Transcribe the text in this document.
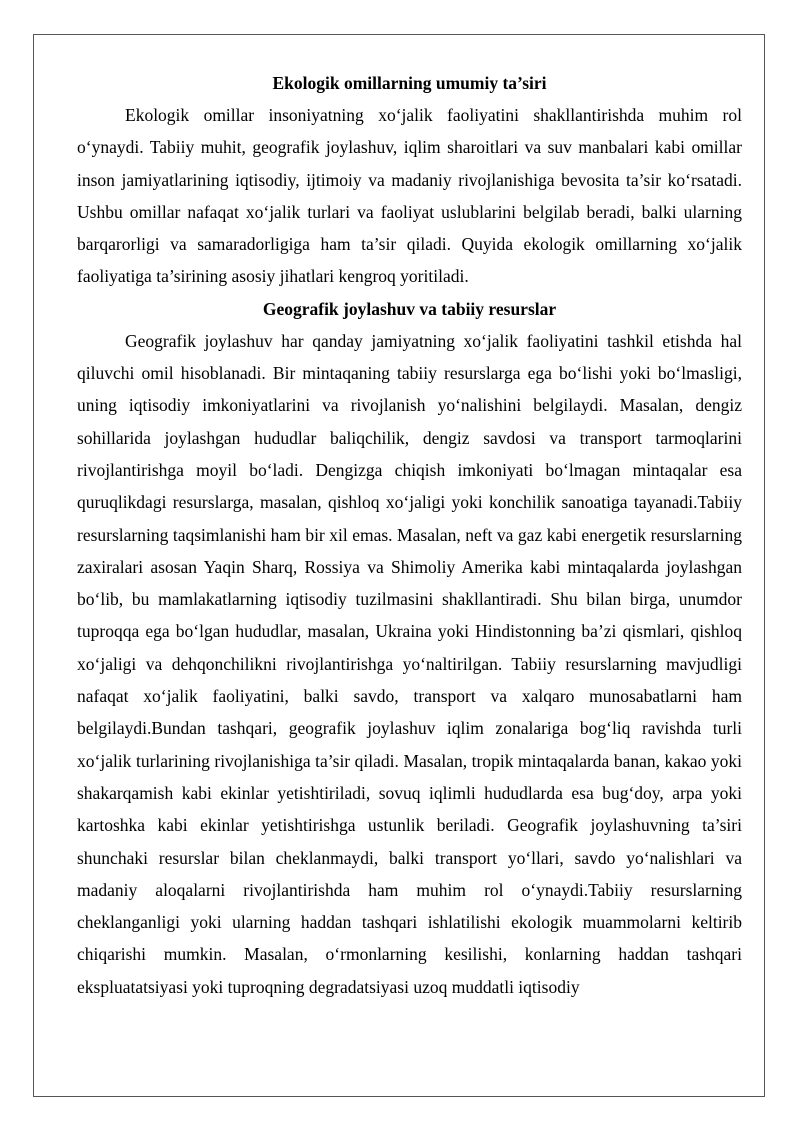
Ekologik omillarning umumiy ta’siri

Ekologik omillar insoniyatning xo‘jalik faoliyatini shakllantirishda muhim rol o‘ynaydi. Tabiiy muhit, geografik joylashuv, iqlim sharoitlari va suv manbalari kabi omillar inson jamiyatlarining iqtisodiy, ijtimoiy va madaniy rivojlanishiga bevosita ta’sir ko‘rsatadi. Ushbu omillar nafaqat xo‘jalik turlari va faoliyat uslublarini belgilab beradi, balki ularning barqarorligi va samaradorligiga ham ta’sir qiladi. Quyida ekologik omillarning xo‘jalik faoliyatiga ta’sirining asosiy jihatlari kengroq yoritiladi.

Geografik joylashuv va tabiiy resurslar

Geografik joylashuv har qanday jamiyatning xo‘jalik faoliyatini tashkil etishda hal qiluvchi omil hisoblanadi. Bir mintaqaning tabiiy resurslarga ega bo‘lishi yoki bo‘lmasligi, uning iqtisodiy imkoniyatlarini va rivojlanish yo‘nalishini belgilaydi. Masalan, dengiz sohillarida joylashgan hududlar baliqchilik, dengiz savdosi va transport tarmoqlarini rivojlantirishga moyil bo‘ladi. Dengizga chiqish imkoniyati bo‘lmagan mintaqalar esa quruqlikdagi resurslarga, masalan, qishloq xo‘jaligi yoki konchilik sanoatiga tayanadi.Tabiiy resurslarning taqsimlanishi ham bir xil emas. Masalan, neft va gaz kabi energetik resurslarning zaxiralari asosan Yaqin Sharq, Rossiya va Shimoliy Amerika kabi mintaqalarda joylashgan bo‘lib, bu mamlakatlarning iqtisodiy tuzilmasini shakllantiradi. Shu bilan birga, unumdor tuproqqa ega bo‘lgan hududlar, masalan, Ukraina yoki Hindistonning ba’zi qismlari, qishloq xo‘jaligi va dehqonchilikni rivojlantirishga yo‘naltirilgan. Tabiiy resurslarning mavjudligi nafaqat xo‘jalik faoliyatini, balki savdo, transport va xalqaro munosabatlarni ham belgilaydi.Bundan tashqari, geografik joylashuv iqlim zonalariga bog‘liq ravishda turli xo‘jalik turlarining rivojlanishiga ta’sir qiladi. Masalan, tropik mintaqalarda banan, kakao yoki shakarqamish kabi ekinlar yetishtiriladi, sovuq iqlimli hududlarda esa bug‘doy, arpa yoki kartoshka kabi ekinlar yetishtirishga ustunlik beriladi. Geografik joylashuvning ta’siri shunchaki resurslar bilan cheklanmaydi, balki transport yo‘llari, savdo yo‘nalishlari va madaniy aloqalarni rivojlantirishda ham muhim rol o‘ynaydi.Tabiiy resurslarning cheklanganligi yoki ularning haddan tashqari ishlatilishi ekologik muammolarni keltirib chiqarishi mumkin. Masalan, o‘rmonlarning kesilishi, konlarning haddan tashqari ekspluatatsiyasi yoki tuproqning degradatsiyasi uzoq muddatli iqtisodiy
